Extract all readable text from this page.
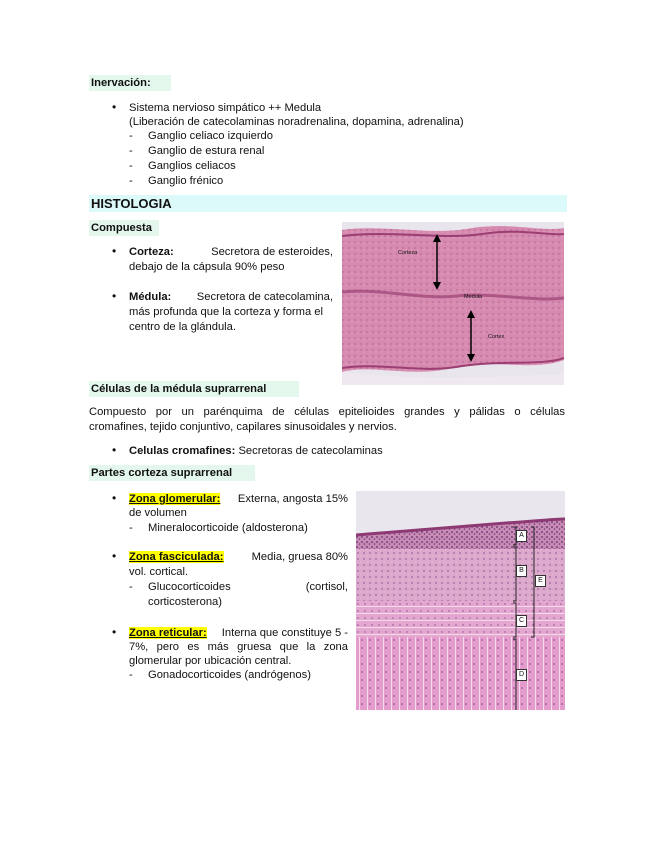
Inervación:
• Sistema nervioso simpático ++ Medula
(Liberación de catecolaminas noradrenalina, dopamina, adrenalina)
- Ganglio celiaco izquierdo
- Ganglio de estura renal
- Ganglios celiacos
- Ganglio frénico
HISTOLOGIA
Compuesta
• Corteza:	Secretora de esteroides,
debajo de la cápsula 90% peso
• Médula: Secretora de catecolamina,
más profunda que la corteza y forma el
centro de la glándula.
Corteza
Medula
Cortex
Células de la médula suprarrenal
Compuesto por un parénquima de células epitelioides grandes y pálidas o células
cromafines, tejido conjuntivo, capilares sinusoidales y nervios.
• Celulas cromafines: Secretoras de catecolaminas
Partes corteza suprarrenal
• Zona glomerular: Externa, angosta 15%
de volumen
- Mineralocorticoide (aldosterona)
• Zona fasciculada:	Media, gruesa 80%
vol. cortical.
- Glucocorticoides	(cortisol,
corticosterona)
• Zona reticular: Interna que constituye 5 -
7%, pero es más gruesa que la zona
glomerular por ubicación central.
- Gonadocorticoides (andrógenos)
A
B
C
D
E
